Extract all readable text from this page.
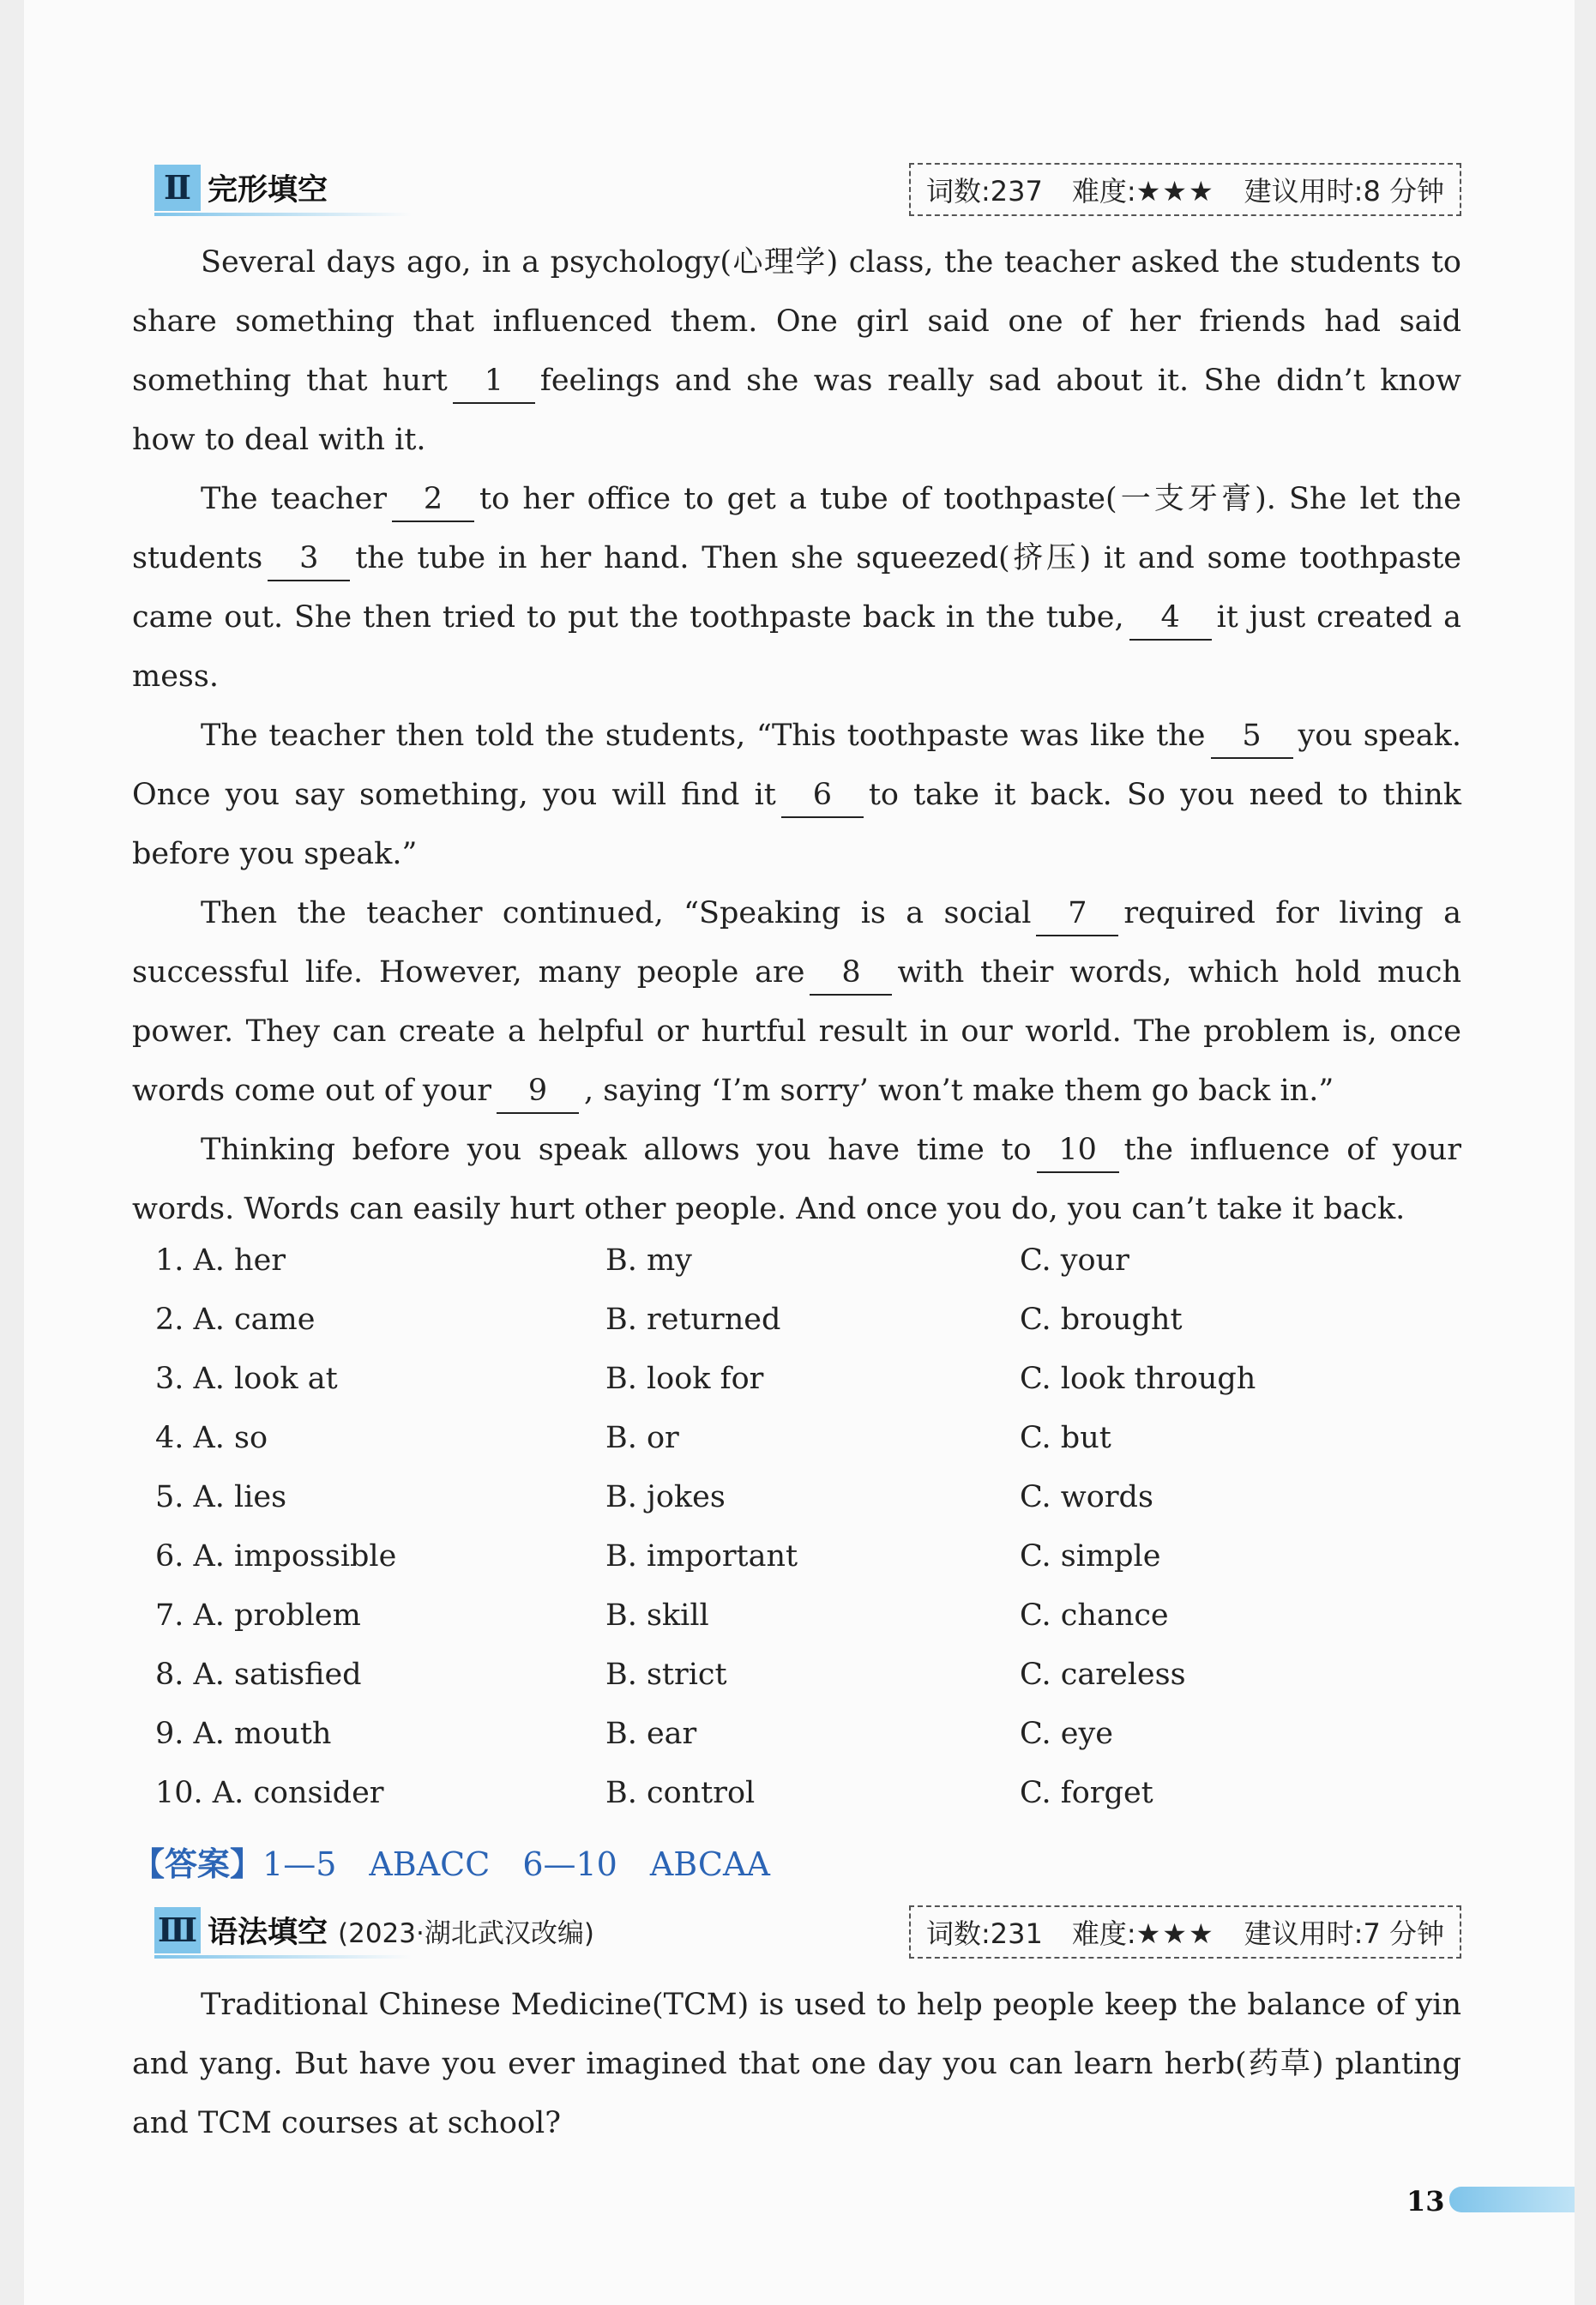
Ⅱ 完形填空	词数:237 难度:★★★ 建议用时:8 分钟

Several days ago, in a psychology(心理学) class, the teacher asked the students to share something that influenced them. One girl said one of her friends had said something that hurt 1 feelings and she was really sad about it. She didn’t know how to deal with it.

The teacher 2 to her office to get a tube of toothpaste(一支牙膏). She let the students 3 the tube in her hand. Then she squeezed(挤压) it and some toothpaste came out. She then tried to put the toothpaste back in the tube, 4 it just created a mess.

The teacher then told the students, “This toothpaste was like the 5 you speak. Once you say something, you will find it 6 to take it back. So you need to think before you speak.”

Then the teacher continued, “Speaking is a social 7 required for living a successful life. However, many people are 8 with their words, which hold much power. They can create a helpful or hurtful result in our world. The problem is, once words come out of your 9 , saying ‘I’m sorry’ won’t make them go back in.”

Thinking before you speak allows you have time to 10 the influence of your words. Words can easily hurt other people. And once you do, you can’t take it back.

1. A. her	B. my	C. your
2. A. came	B. returned	C. brought
3. A. look at	B. look for	C. look through
4. A. so	B. or	C. but
5. A. lies	B. jokes	C. words
6. A. impossible	B. important	C. simple
7. A. problem	B. skill	C. chance
8. A. satisfied	B. strict	C. careless
9. A. mouth	B. ear	C. eye
10. A. consider	B. control	C. forget
【答案】1—5　ABACC　6—10　ABCAA
Ⅲ 语法填空 (2023·湖北武汉改编)	词数:231 难度:★★★ 建议用时:7 分钟

Traditional Chinese Medicine(TCM) is used to help people keep the balance of yin and yang. But have you ever imagined that one day you can learn herb(药草) planting and TCM courses at school?

13
